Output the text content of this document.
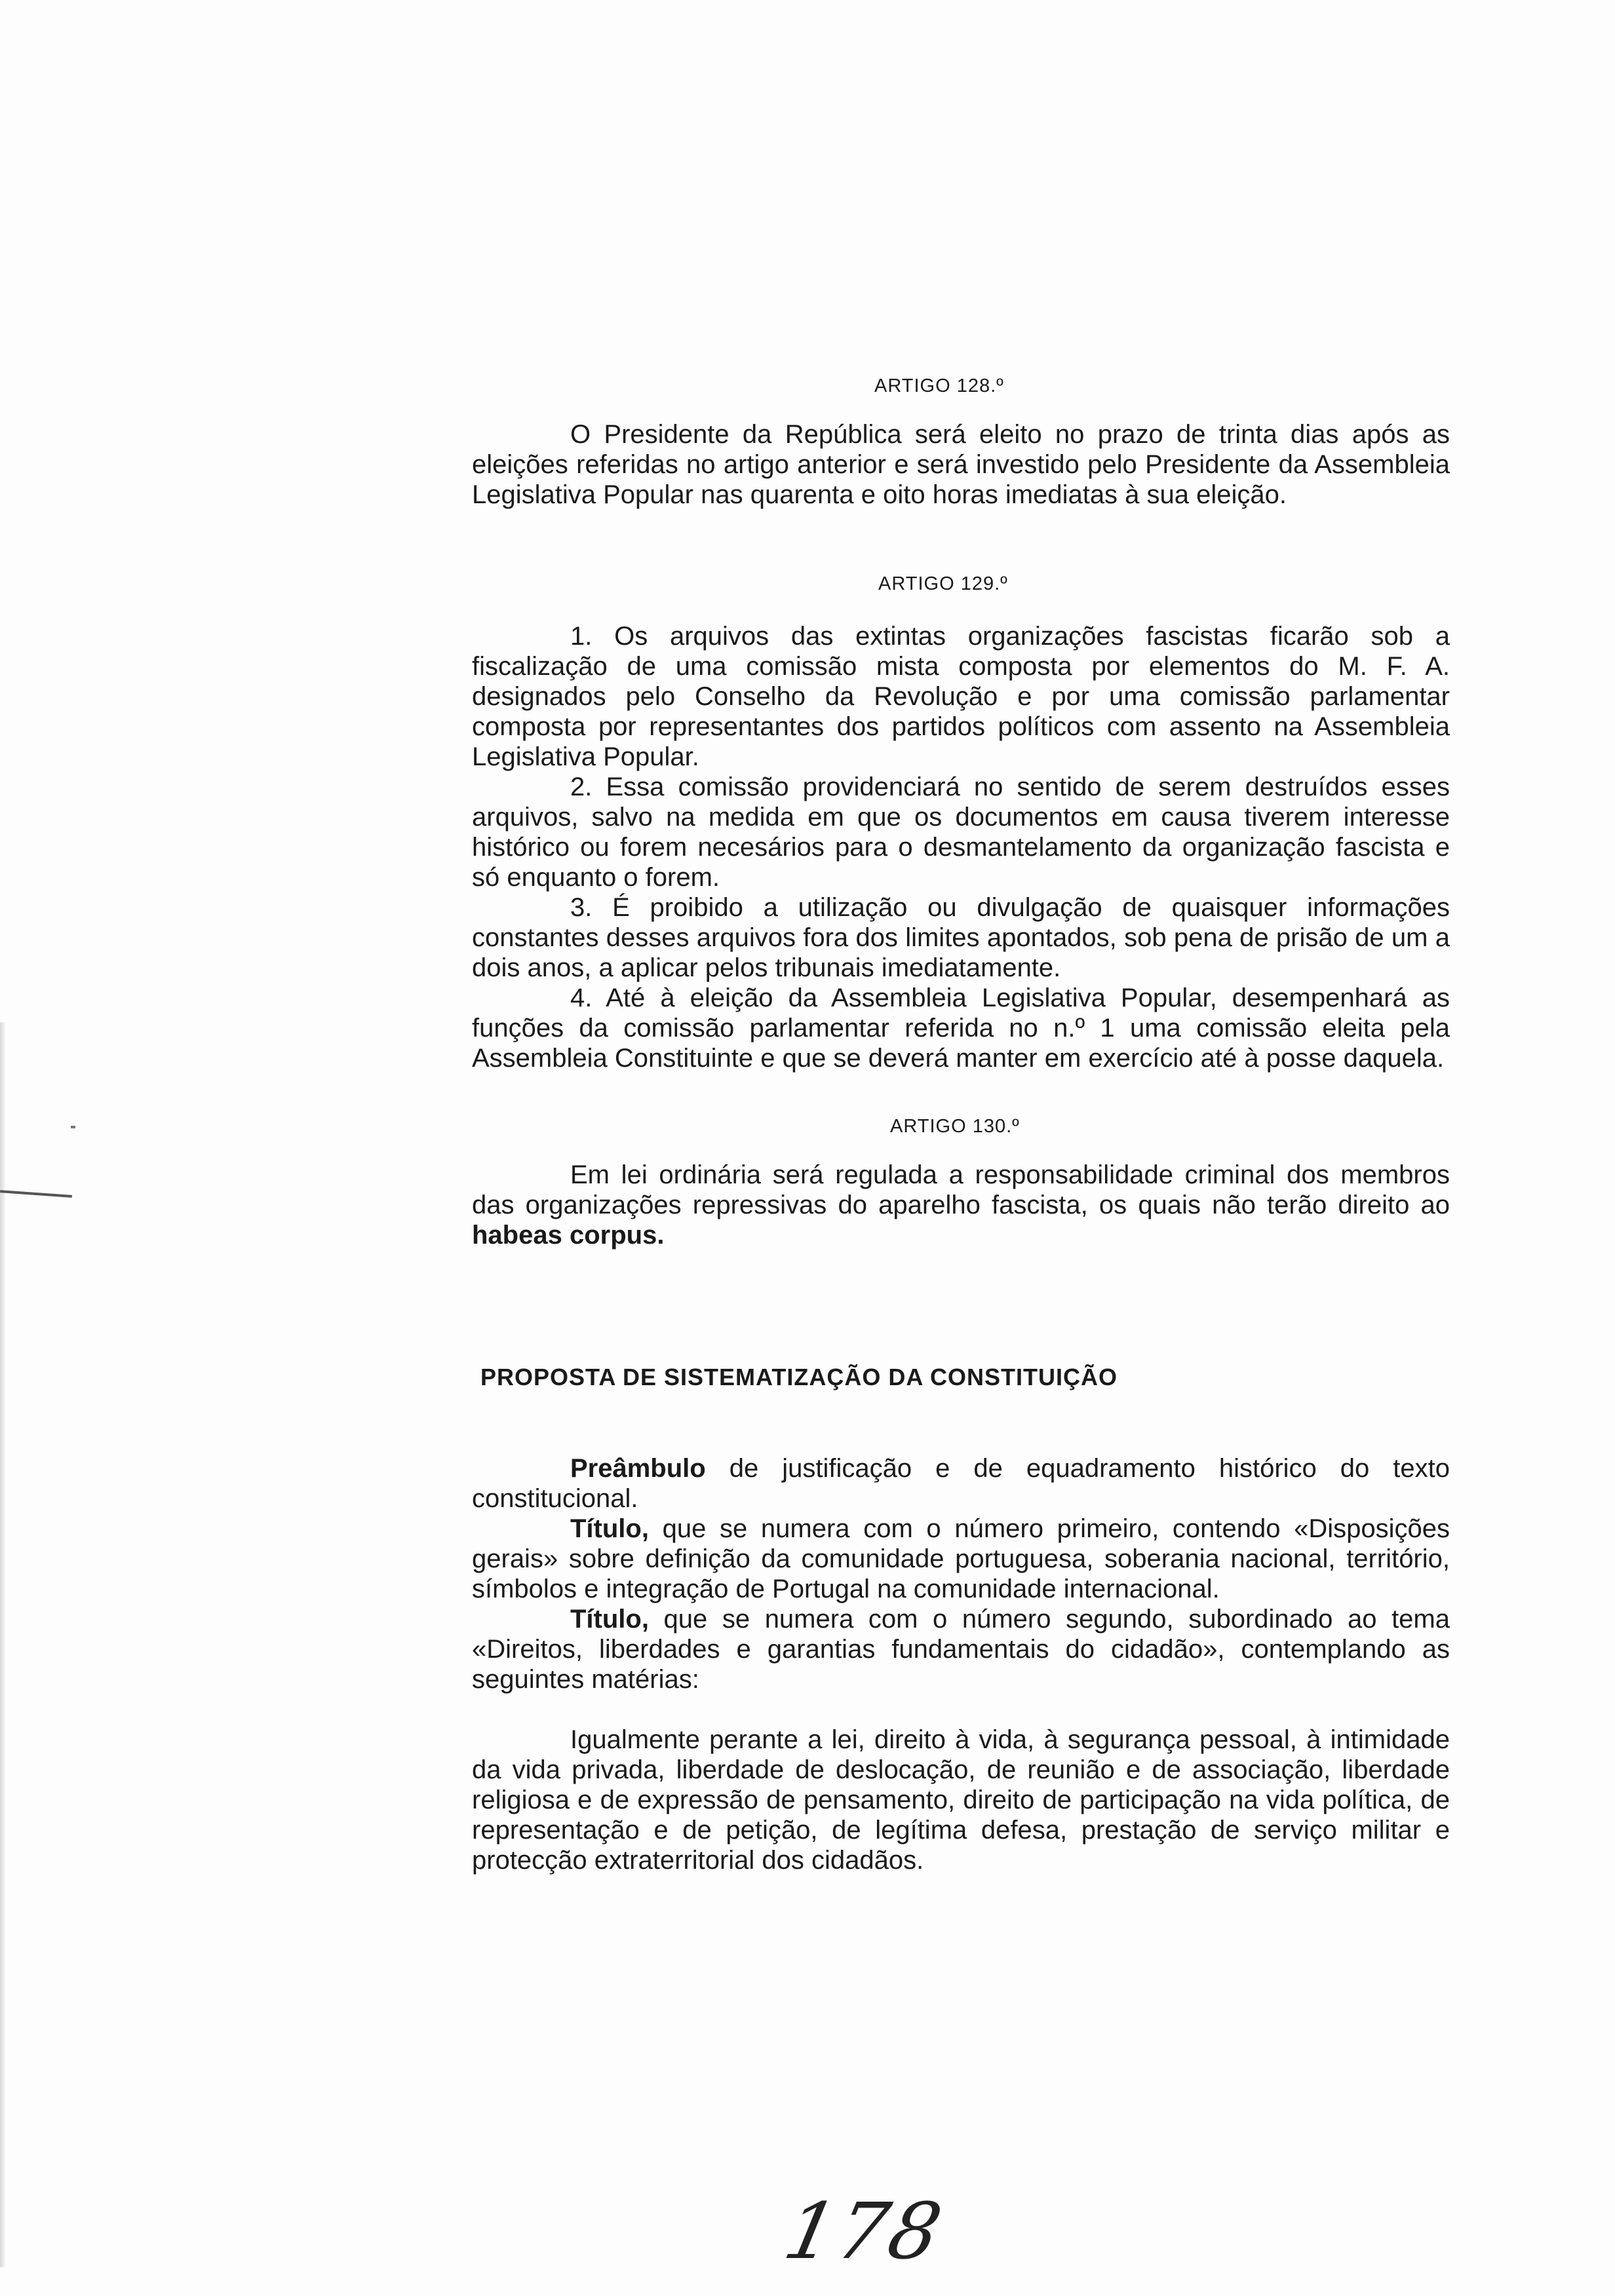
ARTIGO 128.º

O Presidente da República será eleito no prazo de trinta dias após as eleições referidas no artigo anterior e será investido pelo Presidente da Assembleia Legislativa Popular nas quarenta e oito horas imediatas à sua eleição.

ARTIGO 129.º

1. Os arquivos das extintas organizações fascistas ficarão sob a fiscalização de uma comissão mista composta por elementos do M. F. A. designados pelo Conselho da Revolução e por uma comissão parlamentar composta por representantes dos partidos políticos com assento na Assembleia Legislativa Popular.

2. Essa comissão providenciará no sentido de serem destruídos esses arquivos, salvo na medida em que os documentos em causa tiverem interesse histórico ou forem necesários para o desmantelamento da organização fascista e só enquanto o forem.

3. É proibido a utilização ou divulgação de quaisquer informações constantes desses arquivos fora dos limites apontados, sob pena de prisão de um a dois anos, a aplicar pelos tribunais imediatamente.

4. Até à eleição da Assembleia Legislativa Popular, desempenhará as funções da comissão parlamentar referida no n.º 1 uma comissão eleita pela Assembleia Constituinte e que se deverá manter em exercício até à posse daquela.

ARTIGO 130.º

Em lei ordinária será regulada a responsabilidade criminal dos membros das organizações repressivas do aparelho fascista, os quais não terão direito ao habeas corpus.

PROPOSTA DE SISTEMATIZAÇÃO DA CONSTITUIÇÃO

Preâmbulo de justificação e de equadramento histórico do texto constitucional.

Título, que se numera com o número primeiro, contendo «Disposições gerais» sobre definição da comunidade portuguesa, soberania nacional, território, símbolos e integração de Portugal na comunidade internacional.

Título, que se numera com o número segundo, subordinado ao tema «Direitos, liberdades e garantias fundamentais do cidadão», contemplando as seguintes matérias:

Igualmente perante a lei, direito à vida, à segurança pessoal, à intimidade da vida privada, liberdade de deslocação, de reunião e de associação, liberdade religiosa e de expressão de pensamento, direito de participação na vida política, de representação e de petição, de legítima defesa, prestação de serviço militar e protecção extraterritorial dos cidadãos.

178
